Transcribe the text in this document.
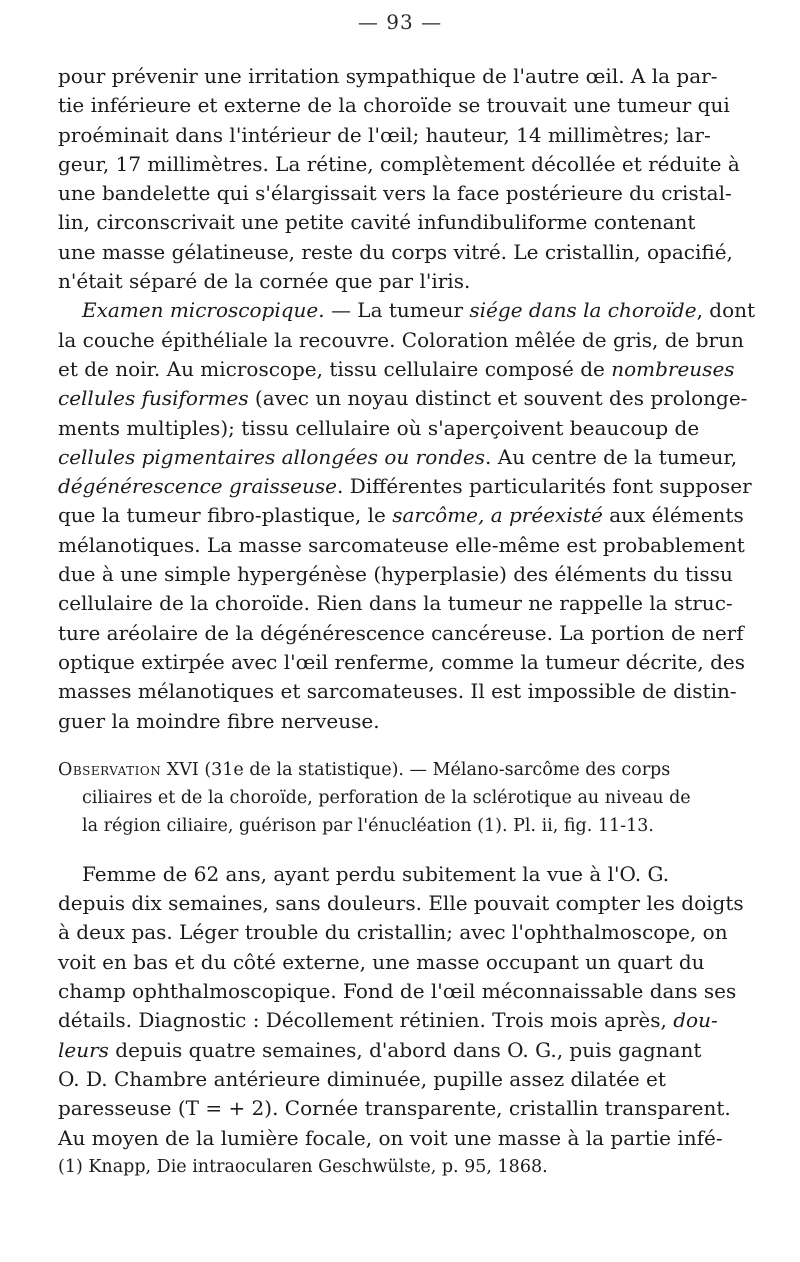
— 93 —
pour prévenir une irritation sympathique de l'autre œil. A la par-
tie inférieure et externe de la choroïde se trouvait une tumeur qui
proéminait dans l'intérieur de l'œil; hauteur, 14 millimètres; lar-
geur, 17 millimètres. La rétine, complètement décollée et réduite à
une bandelette qui s'élargissait vers la face postérieure du cristal-
lin, circonscrivait une petite cavité infundibuliforme contenant
une masse gélatineuse, reste du corps vitré. Le cristallin, opacifié,
n'était séparé de la cornée que par l'iris.
Examen microscopique. — La tumeur siége dans la choroïde, dont
la couche épithéliale la recouvre. Coloration mêlée de gris, de brun
et de noir. Au microscope, tissu cellulaire composé de nombreuses
cellules fusiformes (avec un noyau distinct et souvent des prolonge-
ments multiples); tissu cellulaire où s'aperçoivent beaucoup de
cellules pigmentaires allongées ou rondes. Au centre de la tumeur,
dégénérescence graisseuse. Différentes particularités font supposer
que la tumeur fibro-plastique, le sarcôme, a préexisté aux éléments
mélanotiques. La masse sarcomateuse elle-même est probablement
due à une simple hypergénèse (hyperplasie) des éléments du tissu
cellulaire de la choroïde. Rien dans la tumeur ne rappelle la struc-
ture aréolaire de la dégénérescence cancéreuse. La portion de nerf
optique extirpée avec l'œil renferme, comme la tumeur décrite, des
masses mélanotiques et sarcomateuses. Il est impossible de distin-
guer la moindre fibre nerveuse.
Observation XVI (31e de la statistique). — Mélano-sarcôme des corps
ciliaires et de la choroïde, perforation de la sclérotique au niveau de
la région ciliaire, guérison par l'énucléation (1). Pl. ii, fig. 11-13.
Femme de 62 ans, ayant perdu subitement la vue à l'O. G.
depuis dix semaines, sans douleurs. Elle pouvait compter les doigts
à deux pas. Léger trouble du cristallin; avec l'ophthalmoscope, on
voit en bas et du côté externe, une masse occupant un quart du
champ ophthalmoscopique. Fond de l'œil méconnaissable dans ses
détails. Diagnostic : Décollement rétinien. Trois mois après, dou-
leurs depuis quatre semaines, d'abord dans O. G., puis gagnant
O. D. Chambre antérieure diminuée, pupille assez dilatée et
paresseuse (T = + 2). Cornée transparente, cristallin transparent.
Au moyen de la lumière focale, on voit une masse à la partie infé-
(1) Knapp, Die intraocularen Geschwülste, p. 95, 1868.
